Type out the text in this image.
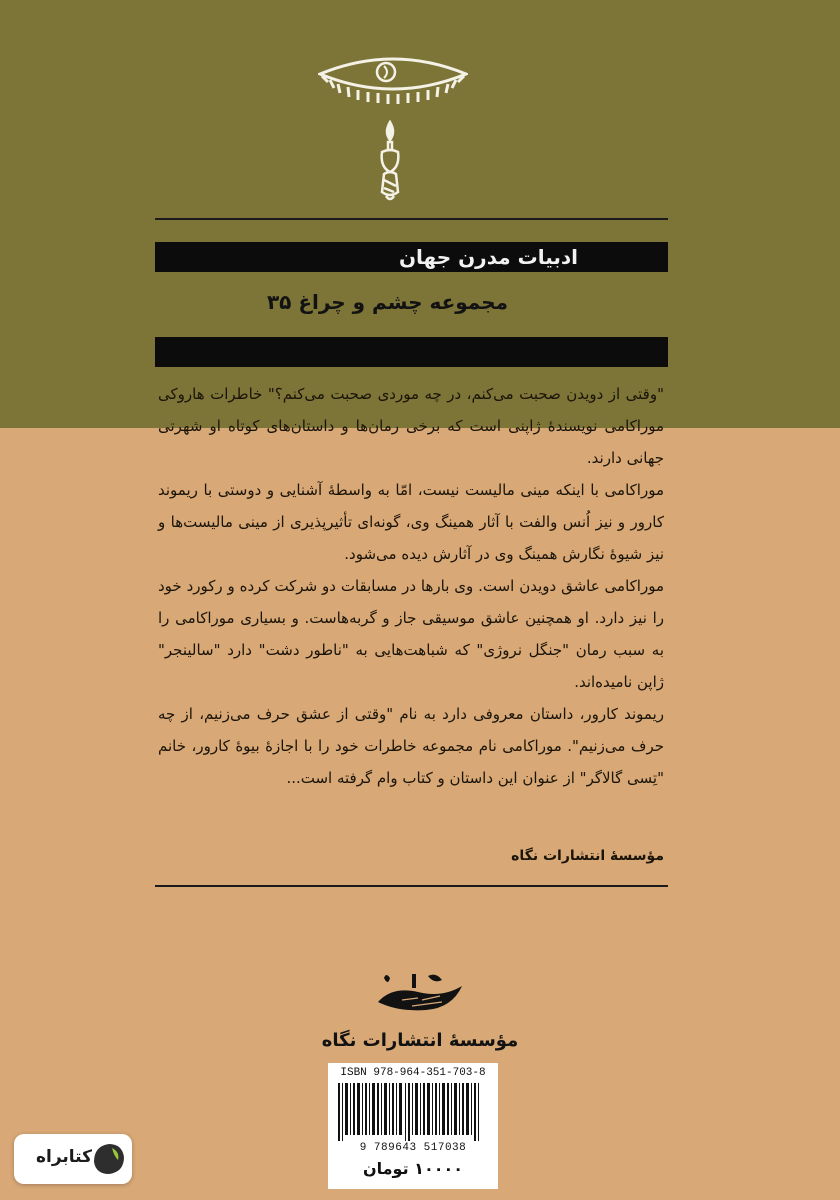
ادبیات مدرن جهان
مجموعه چشم و چراغ ۳۵

"وقتی از دویدن صحبت می‌کنم، در چه موردی صحبت می‌کنم؟" خاطرات هاروکی موراکامی نویسندهٔ ژاپنی است که برخی رمان‌ها و داستان‌های کوتاه او شهرتی جهانی دارند.

موراکامی با اینکه مینی مالیست نیست، امّا به واسطهٔ آشنایی و دوستی با ریموند کارور و نیز اُنس والفت با آثار همینگ وی، گونه‌ای تأثیرپذیری از مینی مالیست‌ها و نیز شیوهٔ نگارش همینگ وی در آثارش دیده می‌شود.

موراکامی عاشق دویدن است. وی بارها در مسابقات دو شرکت کرده و رکورد خود را نیز دارد. او همچنین عاشق موسیقی جاز و گربه‌هاست. و بسیاری موراکامی را به سبب رمان "جنگل نروژی" که شباهت‌هایی به "ناطور دشت" دارد "سالینجر" ژاپن نامیده‌اند.

ریموند کارور، داستان معروفی دارد به نام "وقتی از عشق حرف می‌زنیم، از چه حرف می‌زنیم". موراکامی نام مجموعه خاطرات خود را با اجازهٔ بیوهٔ کارور، خانم "تِسی گالاگر" از عنوان این داستان و کتاب وام گرفته است...

مؤسسهٔ انتشارات نگاه
مؤسسهٔ انتشارات نگاه
ISBN 978-964-351-703-8
9 789643 517038
۱۰۰۰۰ تومان
کتابراه
